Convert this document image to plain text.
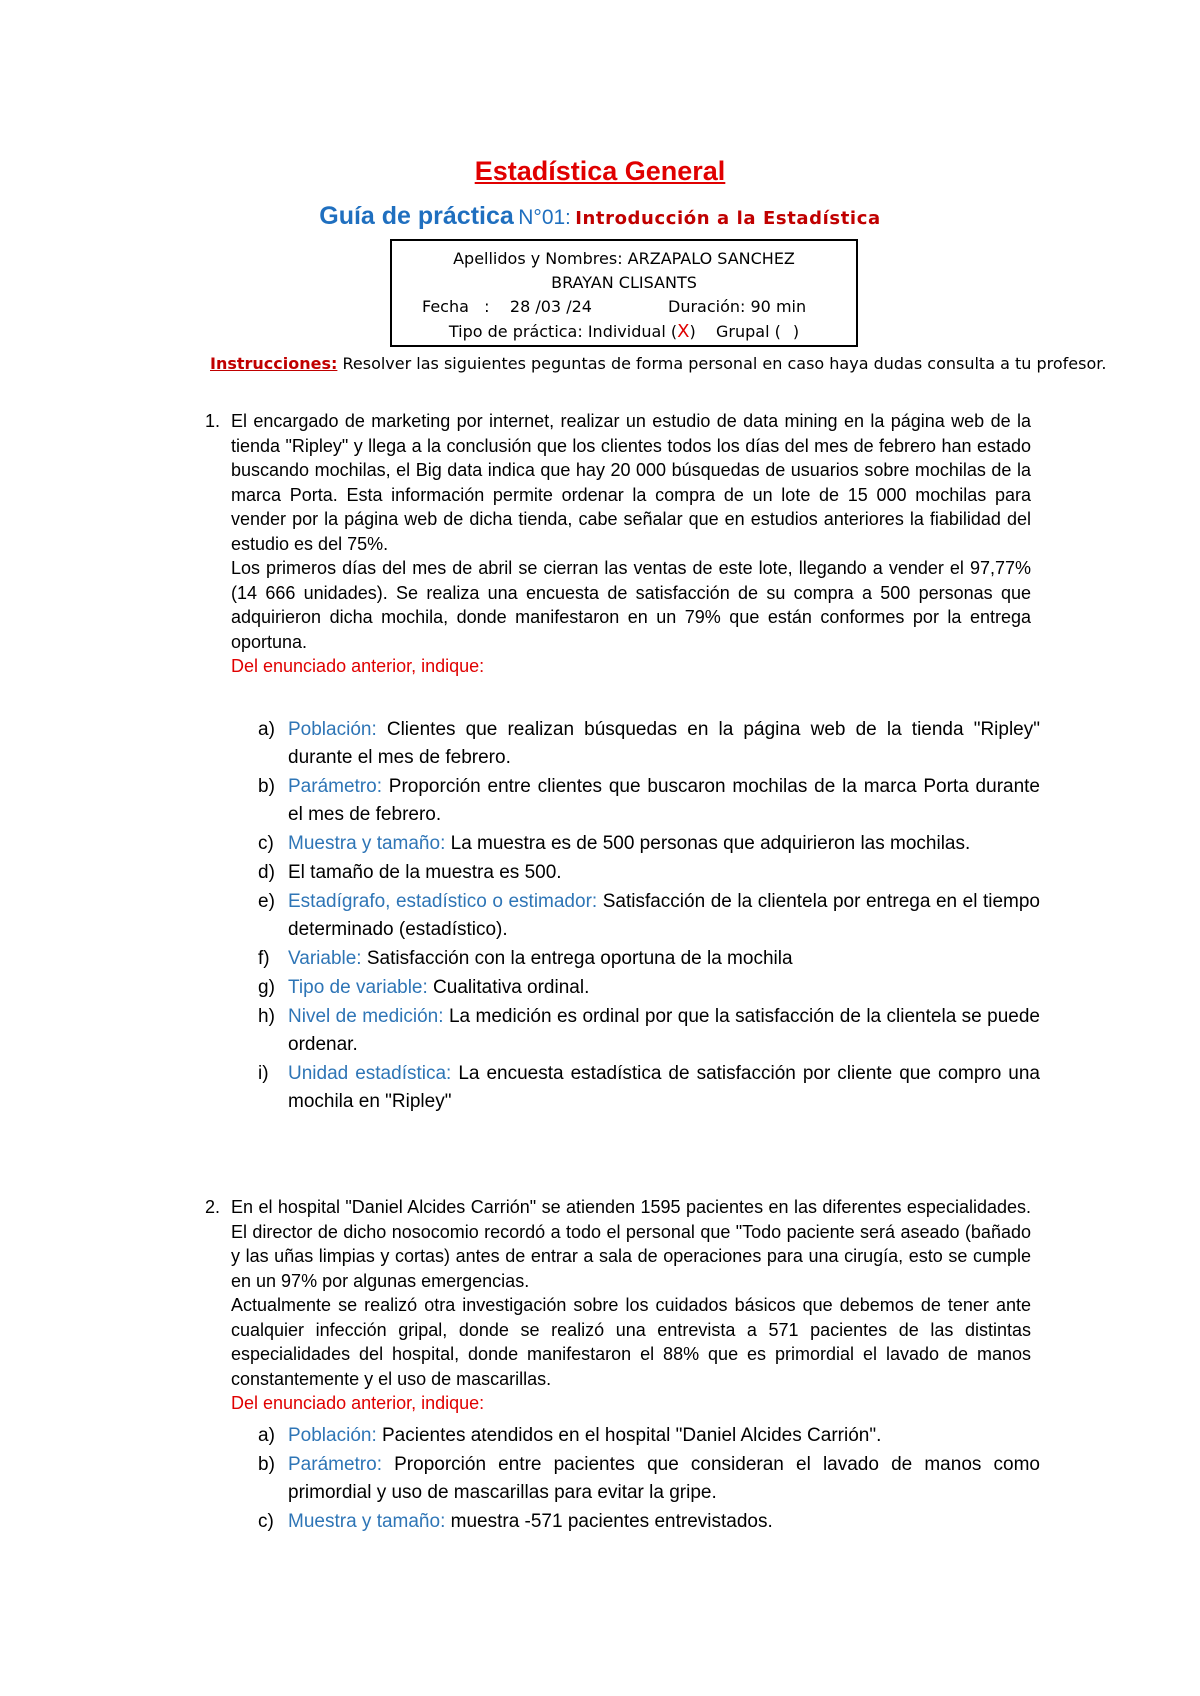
Estadística General
Guía de práctica N°01: Introducción a la Estadística
Apellidos y Nombres: ARZAPALO SANCHEZ
BRAYAN CLISANTS
Fecha   :    28 /03 /24	Duración: 90 min
Tipo de práctica: Individual (X)    Grupal ( )
Instrucciones: Resolver las siguientes peguntas de forma personal en caso haya dudas consulta a tu profesor.
1. El encargado de marketing por internet, realizar un estudio de data mining en la página web de la tienda "Ripley" y llega a la conclusión que los clientes todos los días del mes de febrero han estado buscando mochilas, el Big data indica que hay 20 000 búsquedas de usuarios sobre mochilas de la marca Porta. Esta información permite ordenar la compra de un lote de 15 000 mochilas para vender por la página web de dicha tienda, cabe señalar que en estudios anteriores la fiabilidad del estudio es del 75%.

Los primeros días del mes de abril se cierran las ventas de este lote, llegando a vender el 97,77% (14 666 unidades). Se realiza una encuesta de satisfacción de su compra a 500 personas que adquirieron dicha mochila, donde manifestaron en un 79% que están conformes por la entrega oportuna.

Del enunciado anterior, indique:

a) Población: Clientes que realizan búsquedas en la página web de la tienda "Ripley" durante el mes de febrero.
b) Parámetro: Proporción entre clientes que buscaron mochilas de la marca Porta durante el mes de febrero.
c) Muestra y tamaño: La muestra es de 500 personas que adquirieron las mochilas.
d) El tamaño de la muestra es 500.
e) Estadígrafo, estadístico o estimador: Satisfacción de la clientela por entrega en el tiempo determinado (estadístico).
f) Variable: Satisfacción con la entrega oportuna de la mochila
g) Tipo de variable: Cualitativa ordinal.
h) Nivel de medición: La medición es ordinal por que la satisfacción de la clientela se puede ordenar.
i) Unidad estadística: La encuesta estadística de satisfacción por cliente que compro una mochila en "Ripley"
2. En el hospital "Daniel Alcides Carrión" se atienden 1595 pacientes en las diferentes especialidades. El director de dicho nosocomio recordó a todo el personal que "Todo paciente será aseado (bañado y las uñas limpias y cortas) antes de entrar a sala de operaciones para una cirugía, esto se cumple en un 97% por algunas emergencias.

Actualmente se realizó otra investigación sobre los cuidados básicos que debemos de tener ante cualquier infección gripal, donde se realizó una entrevista a 571 pacientes de las distintas especialidades del hospital, donde manifestaron el 88% que es primordial el lavado de manos constantemente y el uso de mascarillas.

Del enunciado anterior, indique:

a) Población: Pacientes atendidos en el hospital "Daniel Alcides Carrión".
b) Parámetro: Proporción entre pacientes que consideran el lavado de manos como primordial y uso de mascarillas para evitar la gripe.
c) Muestra y tamaño: muestra -571 pacientes entrevistados.
